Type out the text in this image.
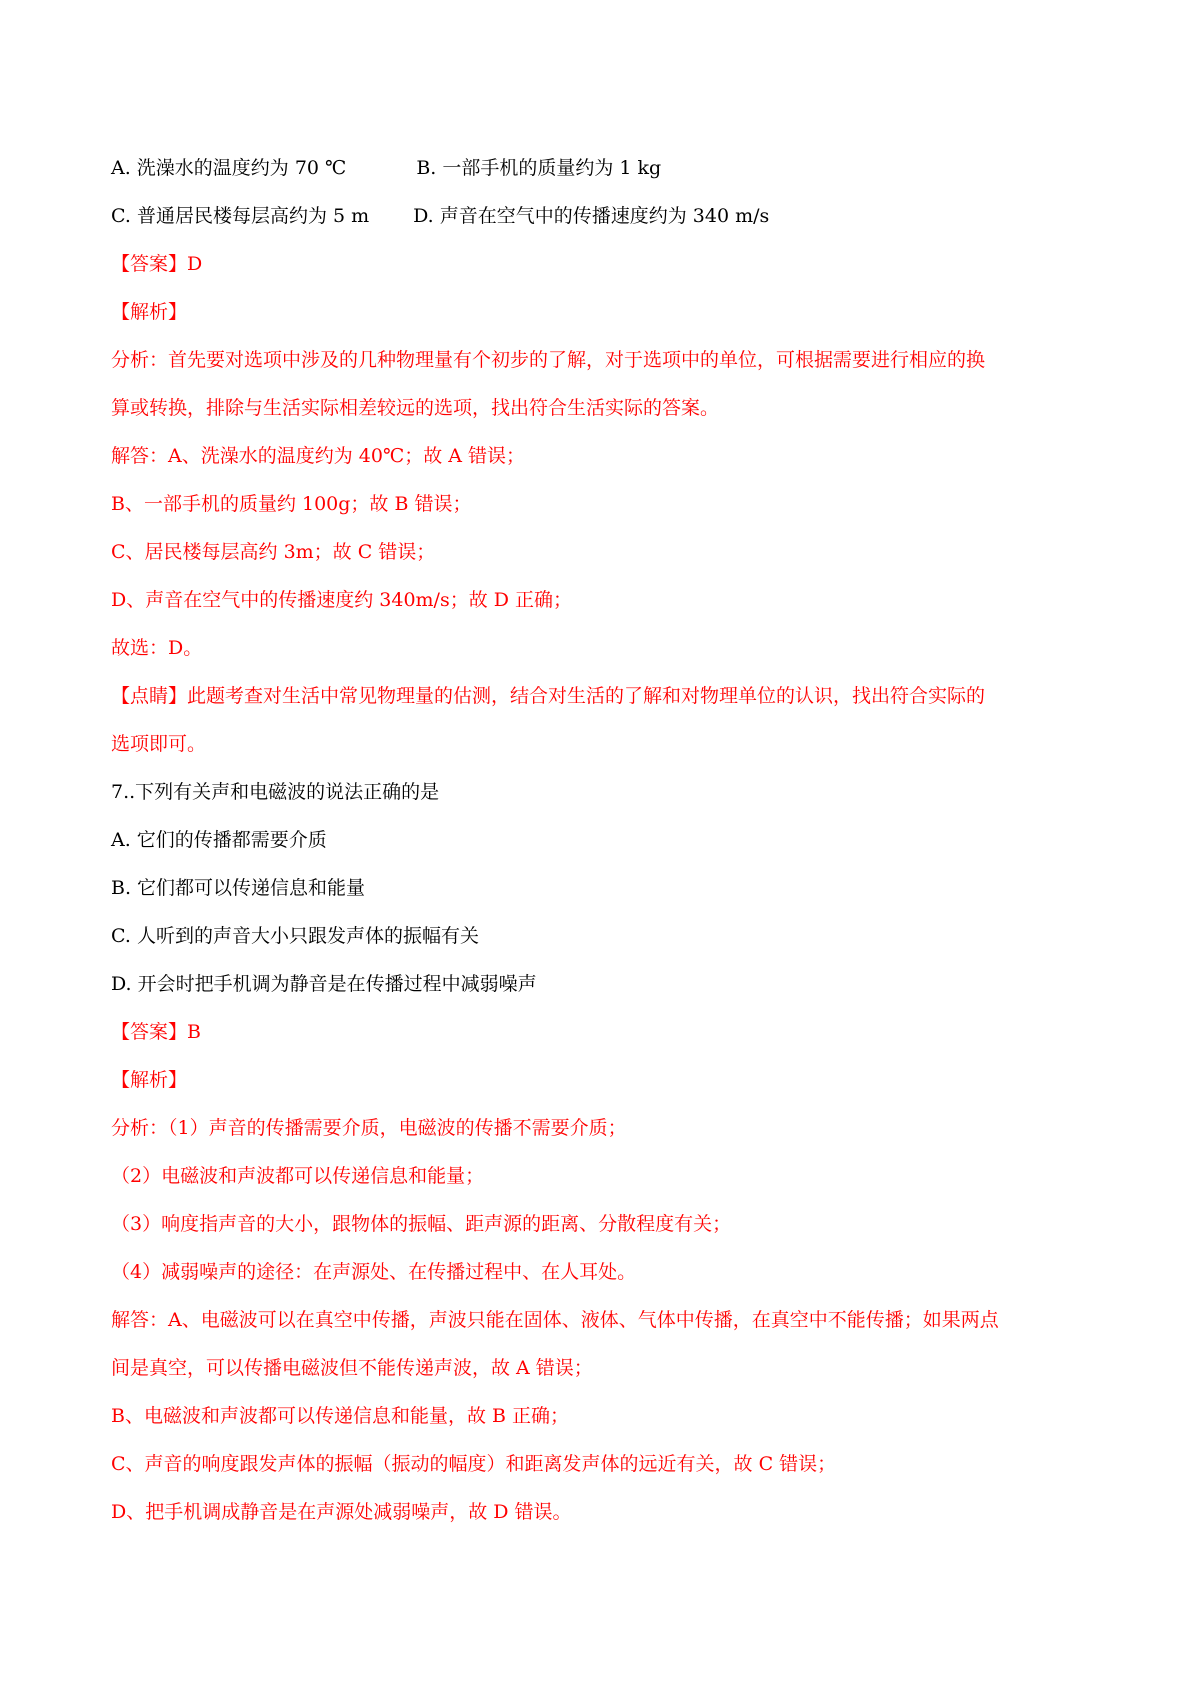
A. 洗澡水的温度约为 70 ℃	B. 一部手机的质量约为 1 kg
C. 普通居民楼每层高约为 5 m D. 声音在空气中的传播速度约为 340 m/s
【答案】D
【解析】
分析：首先要对选项中涉及的几种物理量有个初步的了解，对于选项中的单位，可根据需要进行相应的换
算或转换，排除与生活实际相差较远的选项，找出符合生活实际的答案。
解答：A、洗澡水的温度约为 40℃；故 A 错误；
B、一部手机的质量约 100g；故 B 错误；
C、居民楼每层高约 3m；故 C 错误；
D、声音在空气中的传播速度约 340m/s；故 D 正确；
故选：D。
【点睛】此题考查对生活中常见物理量的估测，结合对生活的了解和对物理单位的认识，找出符合实际的
选项即可。
7..下列有关声和电磁波的说法正确的是
A. 它们的传播都需要介质
B. 它们都可以传递信息和能量
C. 人听到的声音大小只跟发声体的振幅有关
D. 开会时把手机调为静音是在传播过程中减弱噪声
【答案】B
【解析】
分析：（1）声音的传播需要介质，电磁波的传播不需要介质；
（2）电磁波和声波都可以传递信息和能量；
（3）响度指声音的大小，跟物体的振幅、距声源的距离、分散程度有关；
（4）减弱噪声的途径：在声源处、在传播过程中、在人耳处。
解答：A、电磁波可以在真空中传播，声波只能在固体、液体、气体中传播，在真空中不能传播；如果两点
间是真空，可以传播电磁波但不能传递声波，故 A 错误；
B、电磁波和声波都可以传递信息和能量，故 B 正确；
C、声音的响度跟发声体的振幅（振动的幅度）和距离发声体的远近有关，故 C 错误；
D、把手机调成静音是在声源处减弱噪声，故 D 错误。
